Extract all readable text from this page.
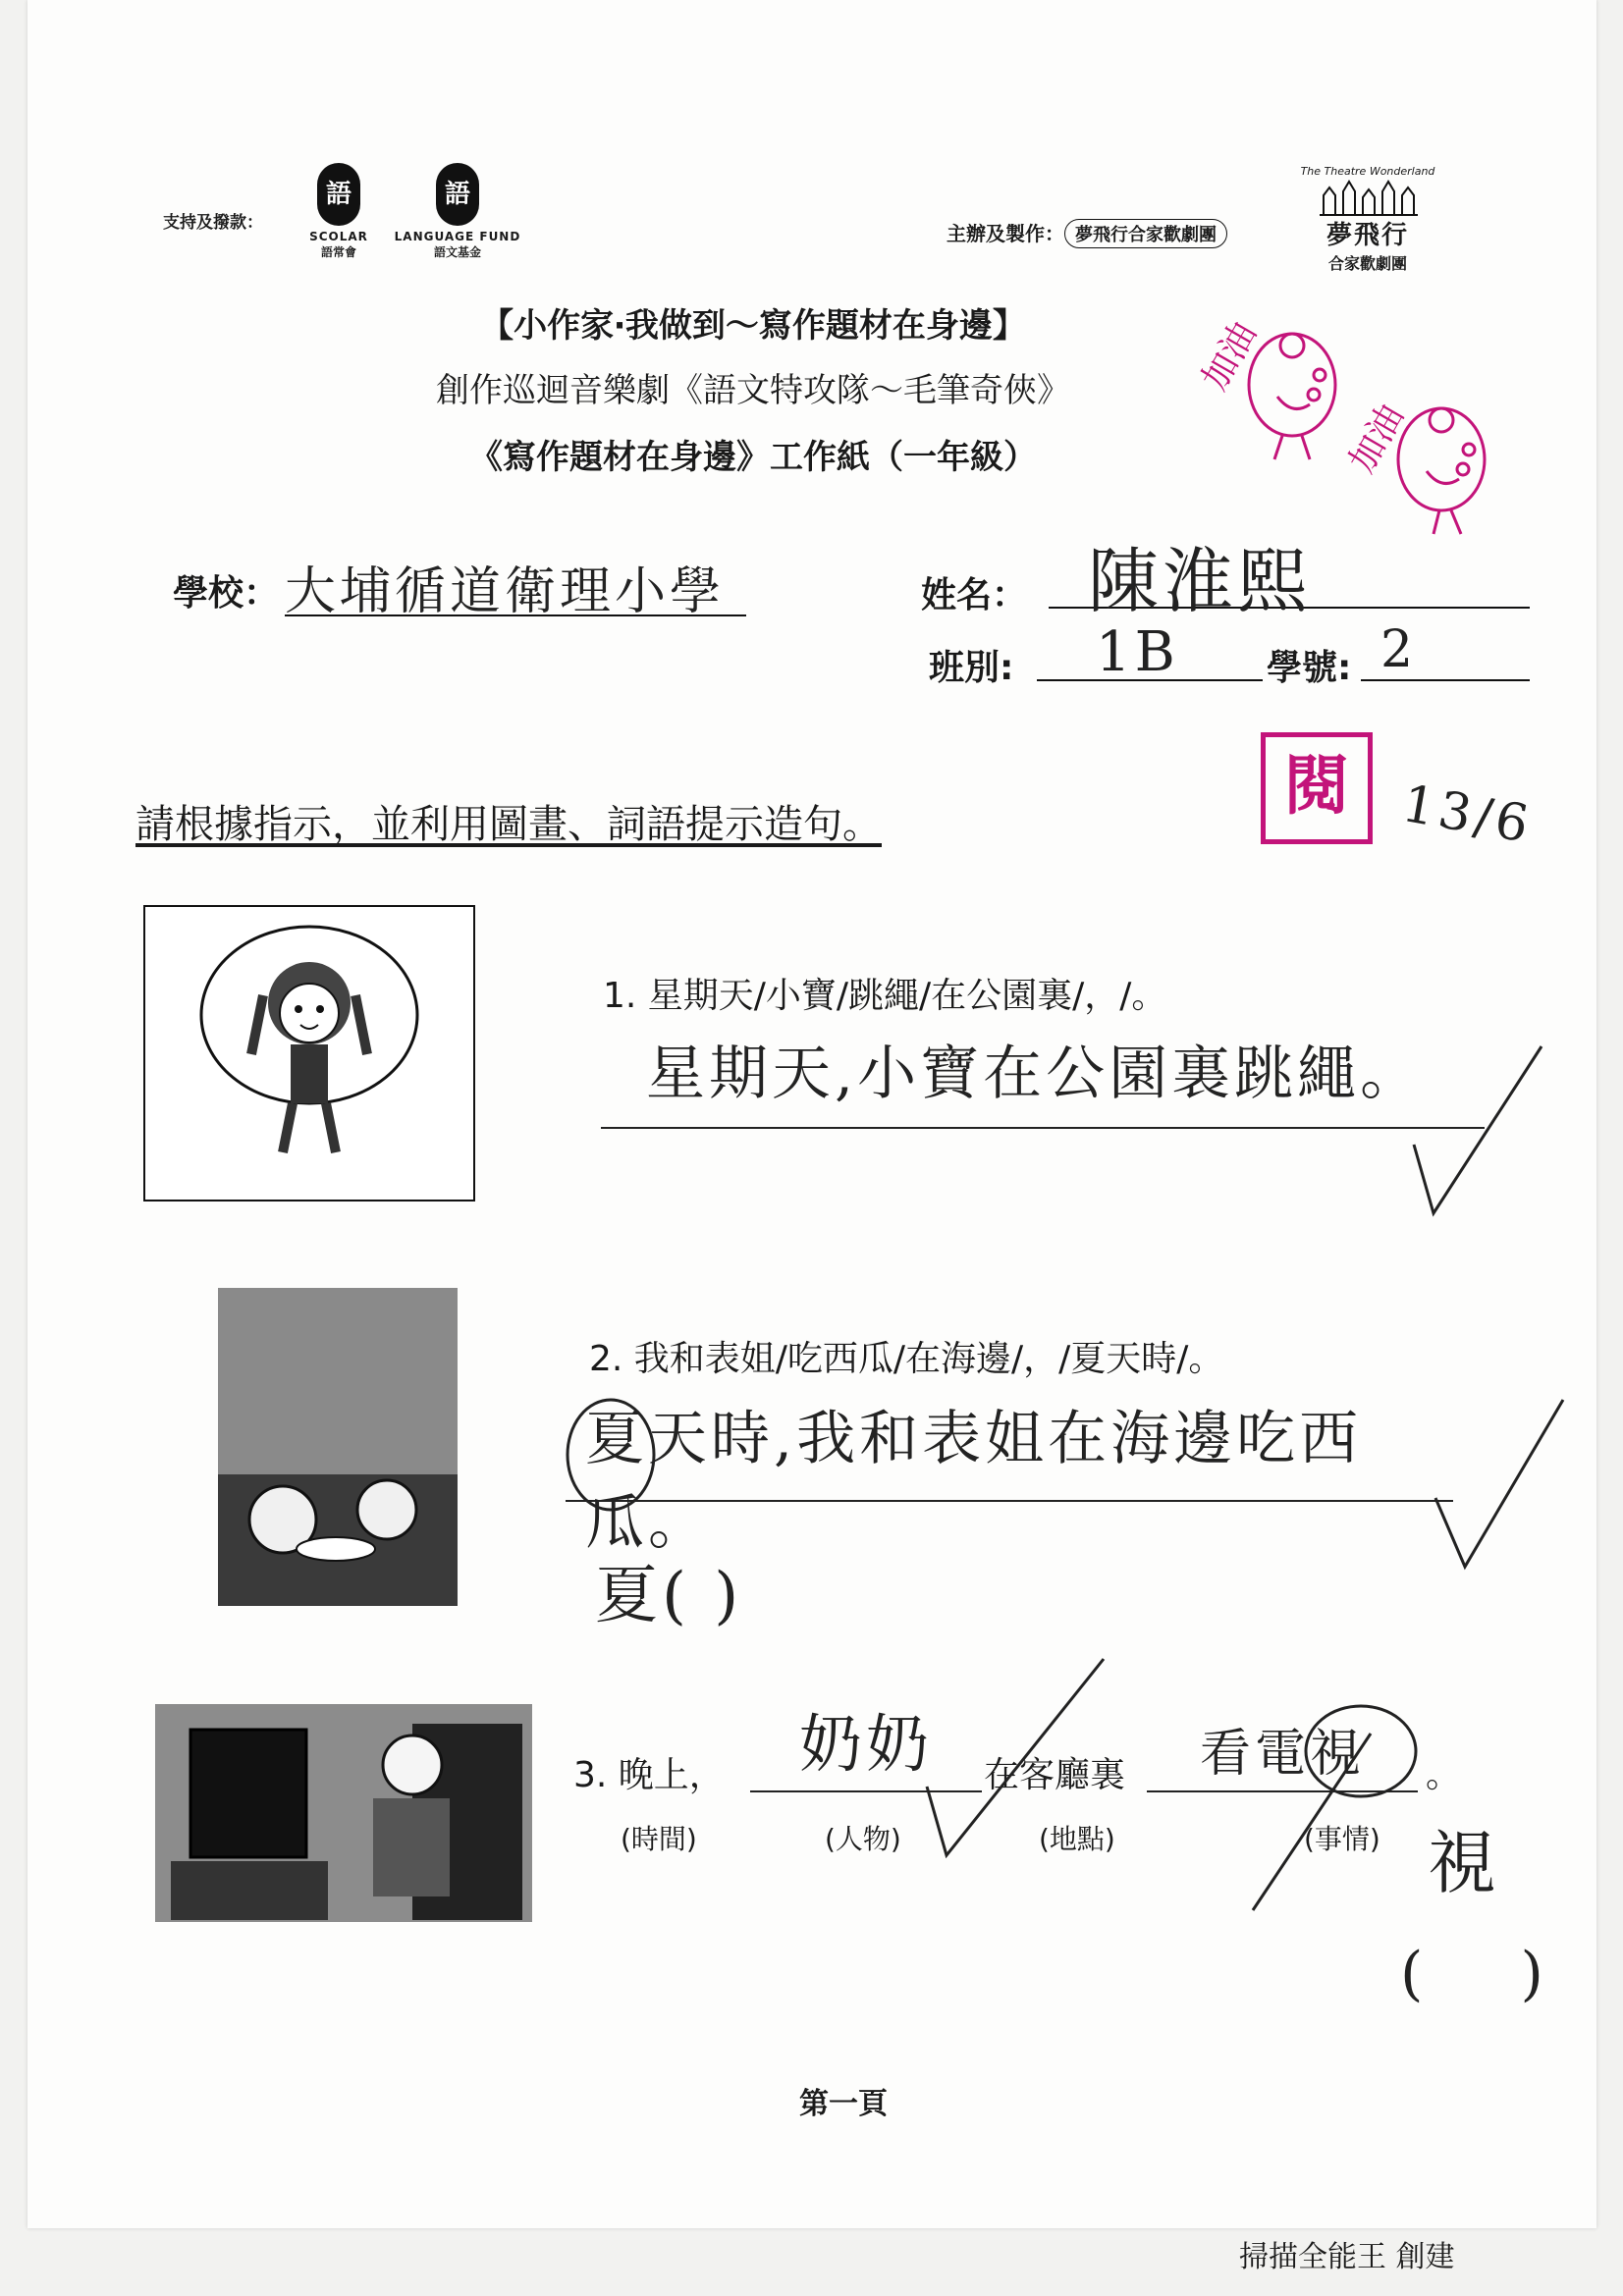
支持及撥款：
語
SCOLAR
語常會
語
LANGUAGE FUND
語文基金
主辦及製作： 夢飛行合家歡劇團
The Theatre Wonderland
夢飛行
合家歡劇團
【小作家‧我做到～寫作題材在身邊】
創作巡迴音樂劇《語文特攻隊～毛筆奇俠》
《寫作題材在身邊》工作紙（一年級）
加油
加油
學校： 大埔循道衛理小學	姓名： 陳淮熙
班別:	1B	學號: 2
閱 13/6
請根據指示，並利用圖畫、詞語提示造句。
1. 星期天/小寶/跳繩/在公園裏/，/。
星期天,小寶在公園裏跳繩。
2. 我和表姐/吃西瓜/在海邊/，/夏天時/。
夏天時,我和表姐在海邊吃西瓜。
夏( )
3. 晚上，	奶奶	在客廳裏	看電視	。
(時間)	(人物)	(地點)	(事情) 視
( )
第一頁
掃描全能王 創建
